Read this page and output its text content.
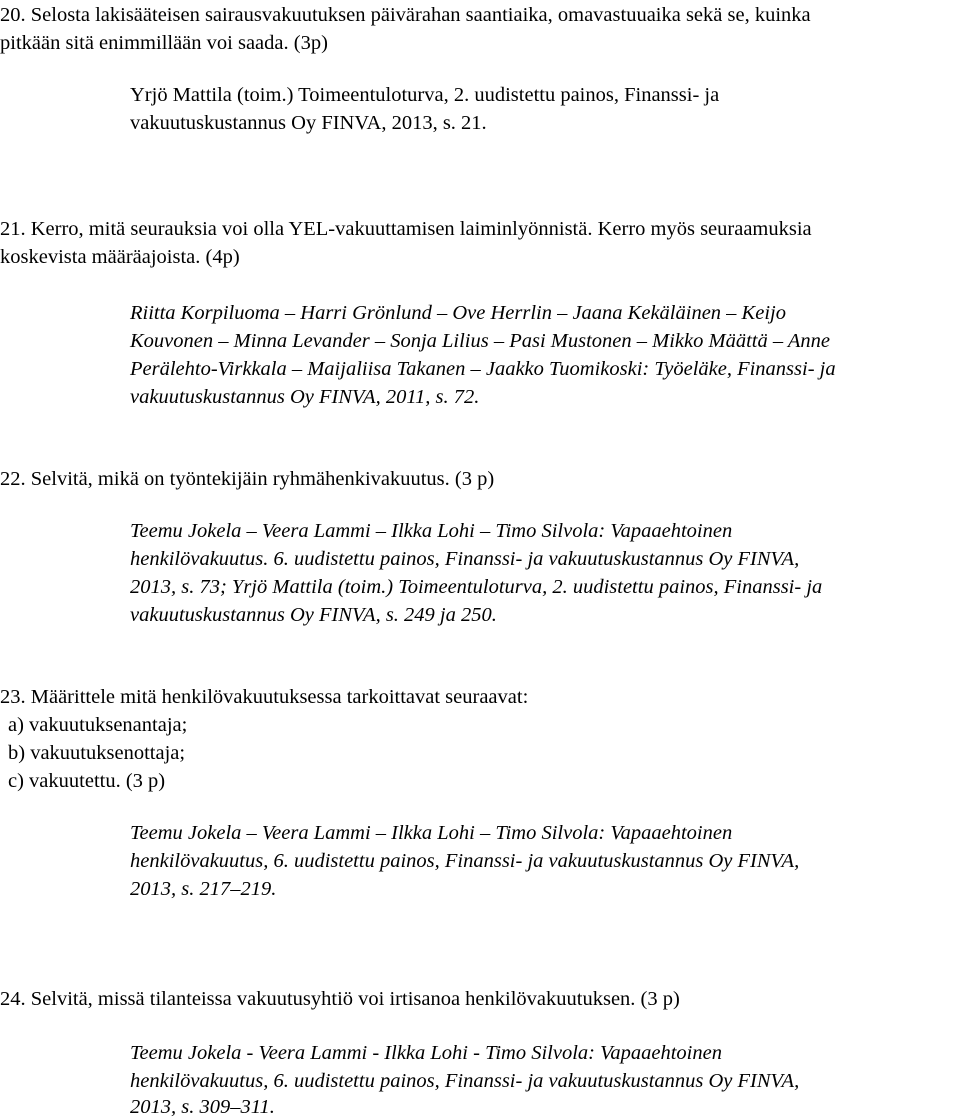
20. Selosta lakisääteisen sairausvakuutuksen päivärahan saantiaika, omavastuuaika sekä se, kuinka
pitkään sitä enimmillään voi saada. (3p)
Yrjö Mattila (toim.) Toimeentuloturva, 2. uudistettu painos, Finanssi- ja
vakuutuskustannus Oy FINVA, 2013, s. 21.
21. Kerro, mitä seurauksia voi olla YEL-vakuuttamisen laiminlyönnistä. Kerro myös seuraamuksia
koskevista määräajoista. (4p)
Riitta Korpiluoma – Harri Grönlund – Ove Herrlin – Jaana Kekäläinen – Keijo
Kouvonen – Minna Levander – Sonja Lilius – Pasi Mustonen – Mikko Määttä – Anne
Perälehto-Virkkala – Maijaliisa Takanen – Jaakko Tuomikoski: Työeläke, Finanssi- ja
vakuutuskustannus Oy FINVA, 2011, s. 72.
22. Selvitä, mikä on työntekijäin ryhmähenkivakuutus. (3 p)
Teemu Jokela – Veera Lammi – Ilkka Lohi – Timo Silvola: Vapaaehtoinen
henkilövakuutus. 6. uudistettu painos, Finanssi- ja vakuutuskustannus Oy FINVA,
2013, s. 73; Yrjö Mattila (toim.) Toimeentuloturva, 2. uudistettu painos, Finanssi- ja
vakuutuskustannus Oy FINVA, s. 249 ja 250.
23. Määrittele mitä henkilövakuutuksessa tarkoittavat seuraavat:
a) vakuutuksenantaja;
b) vakuutuksenottaja;
c) vakuutettu. (3 p)
Teemu Jokela – Veera Lammi – Ilkka Lohi – Timo Silvola: Vapaaehtoinen
henkilövakuutus, 6. uudistettu painos, Finanssi- ja vakuutuskustannus Oy FINVA,
2013, s. 217–219.
24. Selvitä, missä tilanteissa vakuutusyhtiö voi irtisanoa henkilövakuutuksen. (3 p)
Teemu Jokela - Veera Lammi - Ilkka Lohi - Timo Silvola: Vapaaehtoinen
henkilövakuutus, 6. uudistettu painos, Finanssi- ja vakuutuskustannus Oy FINVA,
2013, s. 309–311.
